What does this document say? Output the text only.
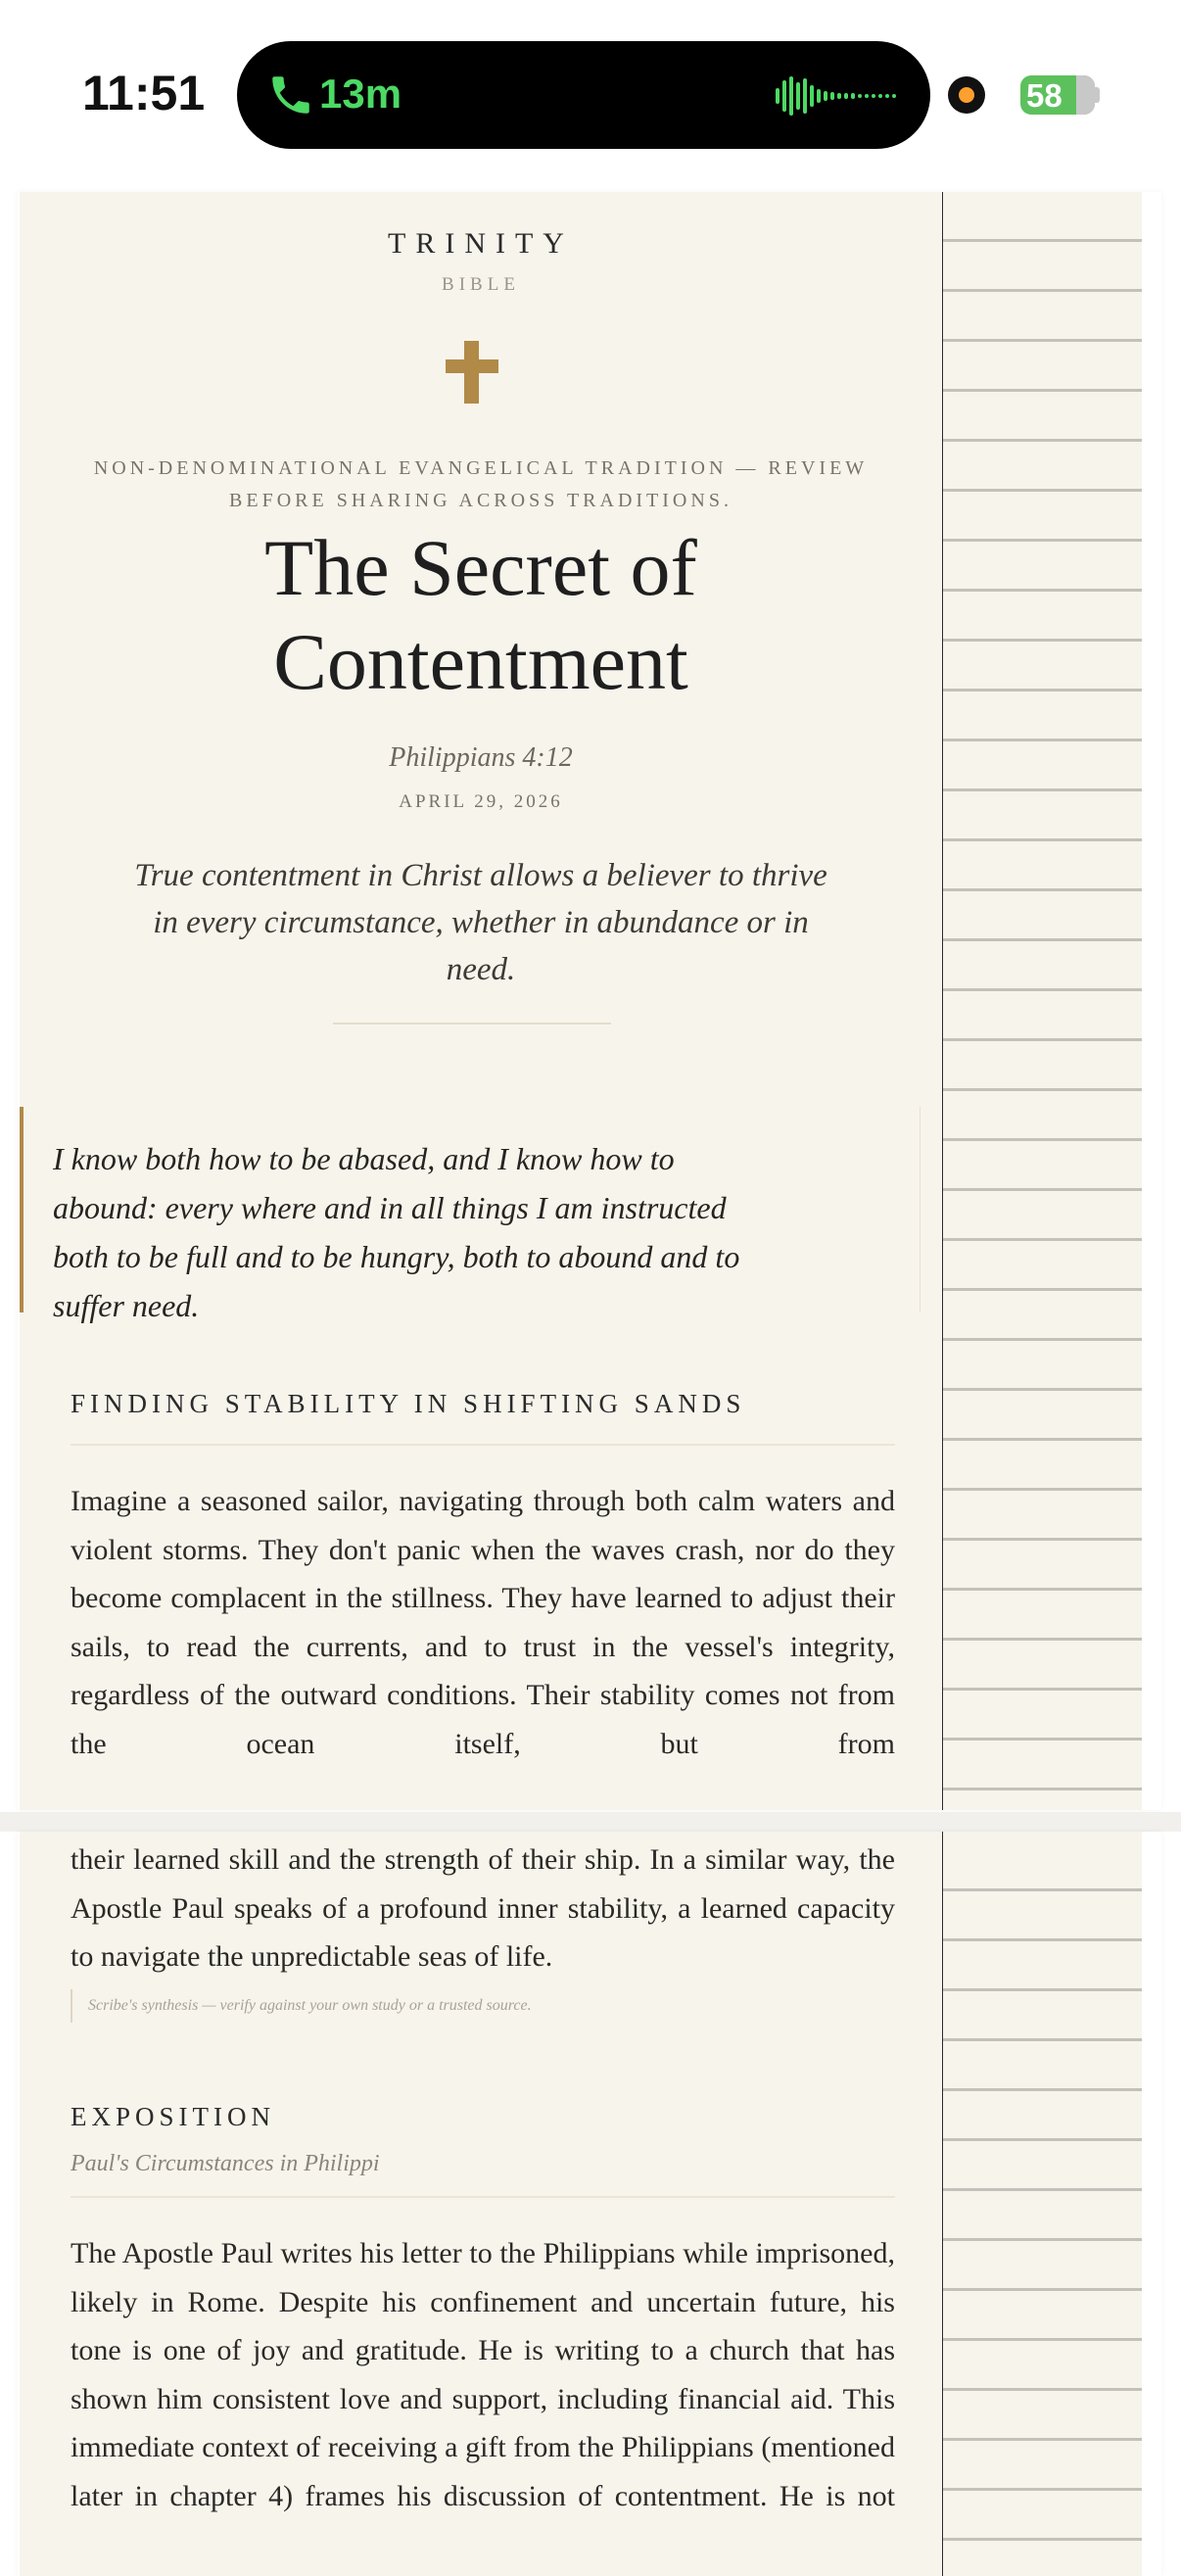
11:51	13m	58
TRINITY
BIBLE
NON-DENOMINATIONAL EVANGELICAL TRADITION — REVIEW BEFORE SHARING ACROSS TRADITIONS.
The Secret of Contentment
Philippians 4:12
APRIL 29, 2026
True contentment in Christ allows a believer to thrive in every circumstance, whether in abundance or in need.
I know both how to be abased, and I know how to abound: every where and in all things I am instructed both to be full and to be hungry, both to abound and to suffer need.
FINDING STABILITY IN SHIFTING SANDS
Imagine a seasoned sailor, navigating through both calm waters and violent storms. They don't panic when the waves crash, nor do they become complacent in the stillness. They have learned to adjust their sails, to read the currents, and to trust in the vessel's integrity, regardless of the outward conditions. Their stability comes not from the ocean itself, but from
their learned skill and the strength of their ship. In a similar way, the Apostle Paul speaks of a profound inner stability, a learned capacity to navigate the unpredictable seas of life.
Scribe's synthesis — verify against your own study or a trusted source.
EXPOSITION
Paul's Circumstances in Philippi
The Apostle Paul writes his letter to the Philippians while imprisoned, likely in Rome. Despite his confinement and uncertain future, his tone is one of joy and gratitude. He is writing to a church that has shown him consistent love and support, including financial aid. This immediate context of receiving a gift from the Philippians (mentioned later in chapter 4) frames his discussion of contentment. He is not
